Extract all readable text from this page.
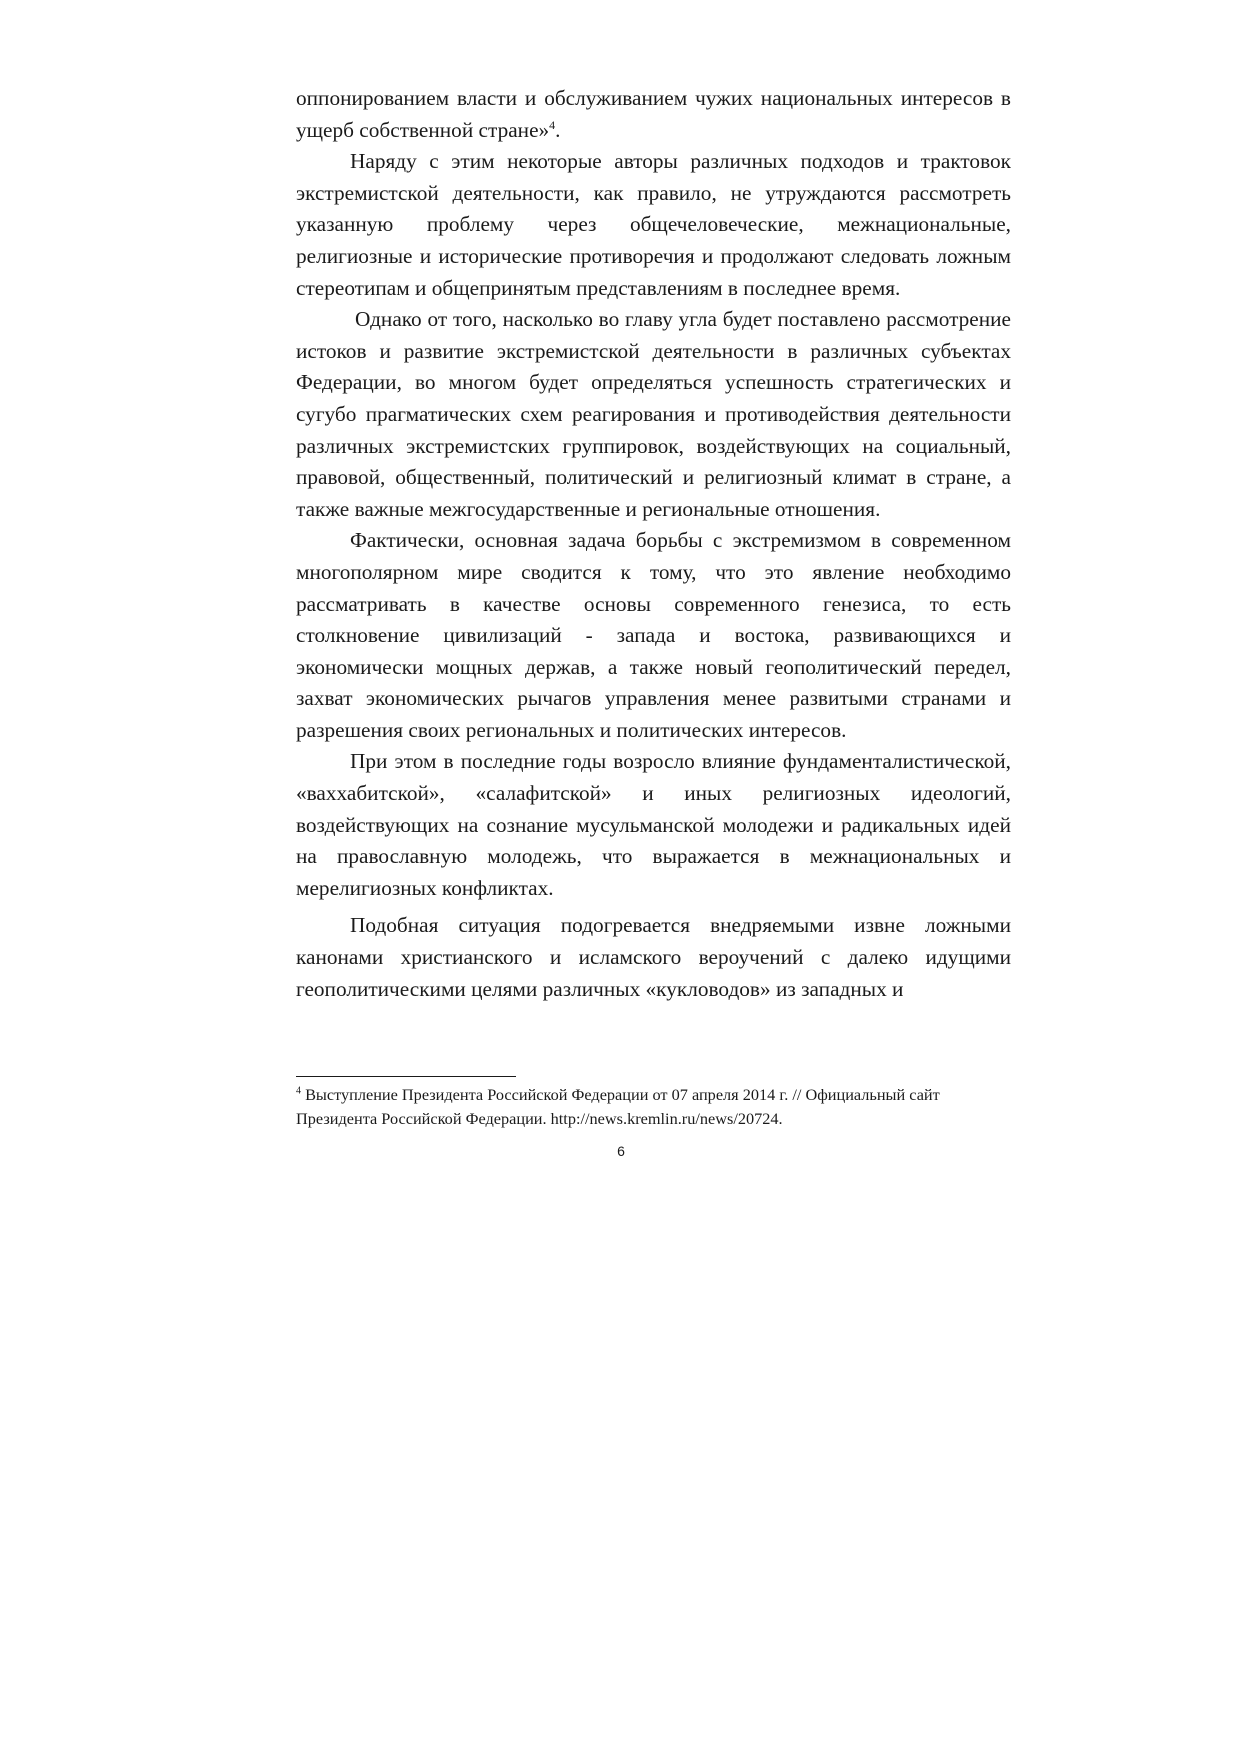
оппонированием власти и обслуживанием чужих национальных интересов в ущерб собственной стране»$^4$.

Наряду с этим некоторые авторы различных подходов и трактовок экстремистской деятельности, как правило, не утруждаются рассмотреть указанную проблему через общечеловеческие, межнациональные, религиозные и исторические противоречия и продолжают следовать ложным стереотипам и общепринятым представлениям в последнее время.

Однако от того, насколько во главу угла будет поставлено рассмотрение истоков и развитие экстремистской деятельности в различных субъектах Федерации, во многом будет определяться успешность стратегических и сугубо прагматических схем реагирования и противодействия деятельности различных экстремистских группировок, воздействующих на социальный, правовой, общественный, политический и религиозный климат в стране, а также важные межгосударственные и региональные отношения.

Фактически, основная задача борьбы с экстремизмом в современном многополярном мире сводится к тому, что это явление необходимо рассматривать в качестве основы современного генезиса, то есть столкновение цивилизаций - запада и востока, развивающихся и экономически мощных держав, а также новый геополитический передел, захват экономических рычагов управления менее развитыми странами и разрешения своих региональных и политических интересов.

При этом в последние годы возросло влияние фундаменталистической, «ваххабитской», «салафитской» и иных религиозных идеологий, воздействующих на сознание мусульманской молодежи и радикальных идей на православную молодежь, что выражается в межнациональных и мерелигиозных конфликтах.

Подобная ситуация подогревается внедряемыми извне ложными канонами христианского и исламского вероучений с далеко идущими геополитическими целями различных «кукловодов» из западных и

$^4$ Выступление Президента Российской Федерации от 07 апреля 2014 г. // Официальный сайт Президента Российской Федерации. http://news.kremlin.ru/news/20724.

6
